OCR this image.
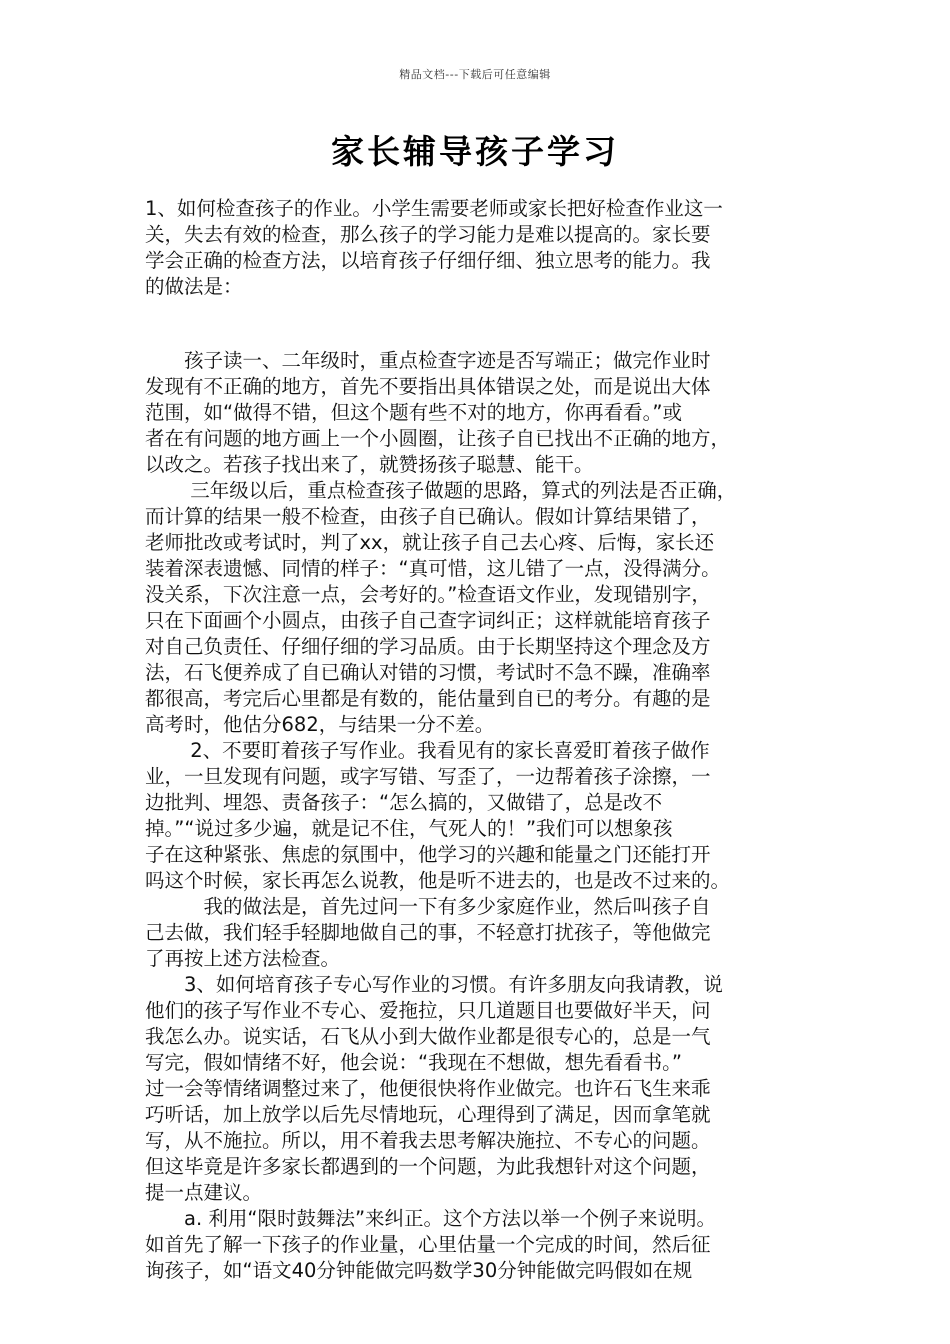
精品文档---下载后可任意编辑
家长辅导孩子学习
1、如何检查孩子的作业。小学生需要老师或家长把好检查作业这一
关，失去有效的检查，那么孩子的学习能力是难以提高的。家长要
学会正确的检查方法，以培育孩子仔细仔细、独立思考的能力。我
的做法是：
　　孩子读一、二年级时，重点检查字迹是否写端正；做完作业时
发现有不正确的地方，首先不要指出具体错误之处，而是说出大体
范围，如“做得不错，但这个题有些不对的地方，你再看看。”或
者在有问题的地方画上一个小圆圈，让孩子自已找出不正确的地方，
以改之。若孩子找出来了，就赞扬孩子聪慧、能干。
　　 三年级以后，重点检查孩子做题的思路，算式的列法是否正确，
而计算的结果一般不检查，由孩子自已确认。假如计算结果错了，
老师批改或考试时，判了xx，就让孩子自己去心疼、后悔，家长还
装着深表遗憾、同情的样子：“真可惜，这儿错了一点，没得满分。
没关系，下次注意一点，会考好的。”检查语文作业，发现错别字，
只在下面画个小圆点，由孩子自己查字词纠正；这样就能培育孩子
对自己负责任、仔细仔细的学习品质。由于长期坚持这个理念及方
法，石飞便养成了自已确认对错的习惯，考试时不急不躁，准确率
都很高，考完后心里都是有数的，能估量到自已的考分。有趣的是
高考时，他估分682，与结果一分不差。
　　 2、不要盯着孩子写作业。我看见有的家长喜爱盯着孩子做作
业，一旦发现有问题，或字写错、写歪了，一边帮着孩子涂擦，一
边批判、埋怨、责备孩子：“怎么搞的，又做错了，总是改不
掉。”“说过多少遍，就是记不住，气死人的！”我们可以想象孩
子在这种紧张、焦虑的氛围中，他学习的兴趣和能量之门还能打开
吗这个时候，家长再怎么说教，他是听不进去的，也是改不过来的。
　　　我的做法是，首先过问一下有多少家庭作业，然后叫孩子自
己去做，我们轻手轻脚地做自己的事，不轻意打扰孩子，等他做完
了再按上述方法检查。
　　3、如何培育孩子专心写作业的习惯。有许多朋友向我请教，说
他们的孩子写作业不专心、爱拖拉，只几道题目也要做好半天，问
我怎么办。说实话，石飞从小到大做作业都是很专心的，总是一气
写完，假如情绪不好，他会说：“我现在不想做，想先看看书。”
过一会等情绪调整过来了，他便很快将作业做完。也许石飞生来乖
巧听话，加上放学以后先尽情地玩，心理得到了满足，因而拿笔就
写，从不施拉。所以，用不着我去思考解决施拉、不专心的问题。
但这毕竟是许多家长都遇到的一个问题，为此我想针对这个问题，
提一点建议。
　　a. 利用“限时鼓舞法”来纠正。这个方法以举一个例子来说明。
如首先了解一下孩子的作业量，心里估量一个完成的时间，然后征
询孩子，如“语文40分钟能做完吗数学30分钟能做完吗假如在规
